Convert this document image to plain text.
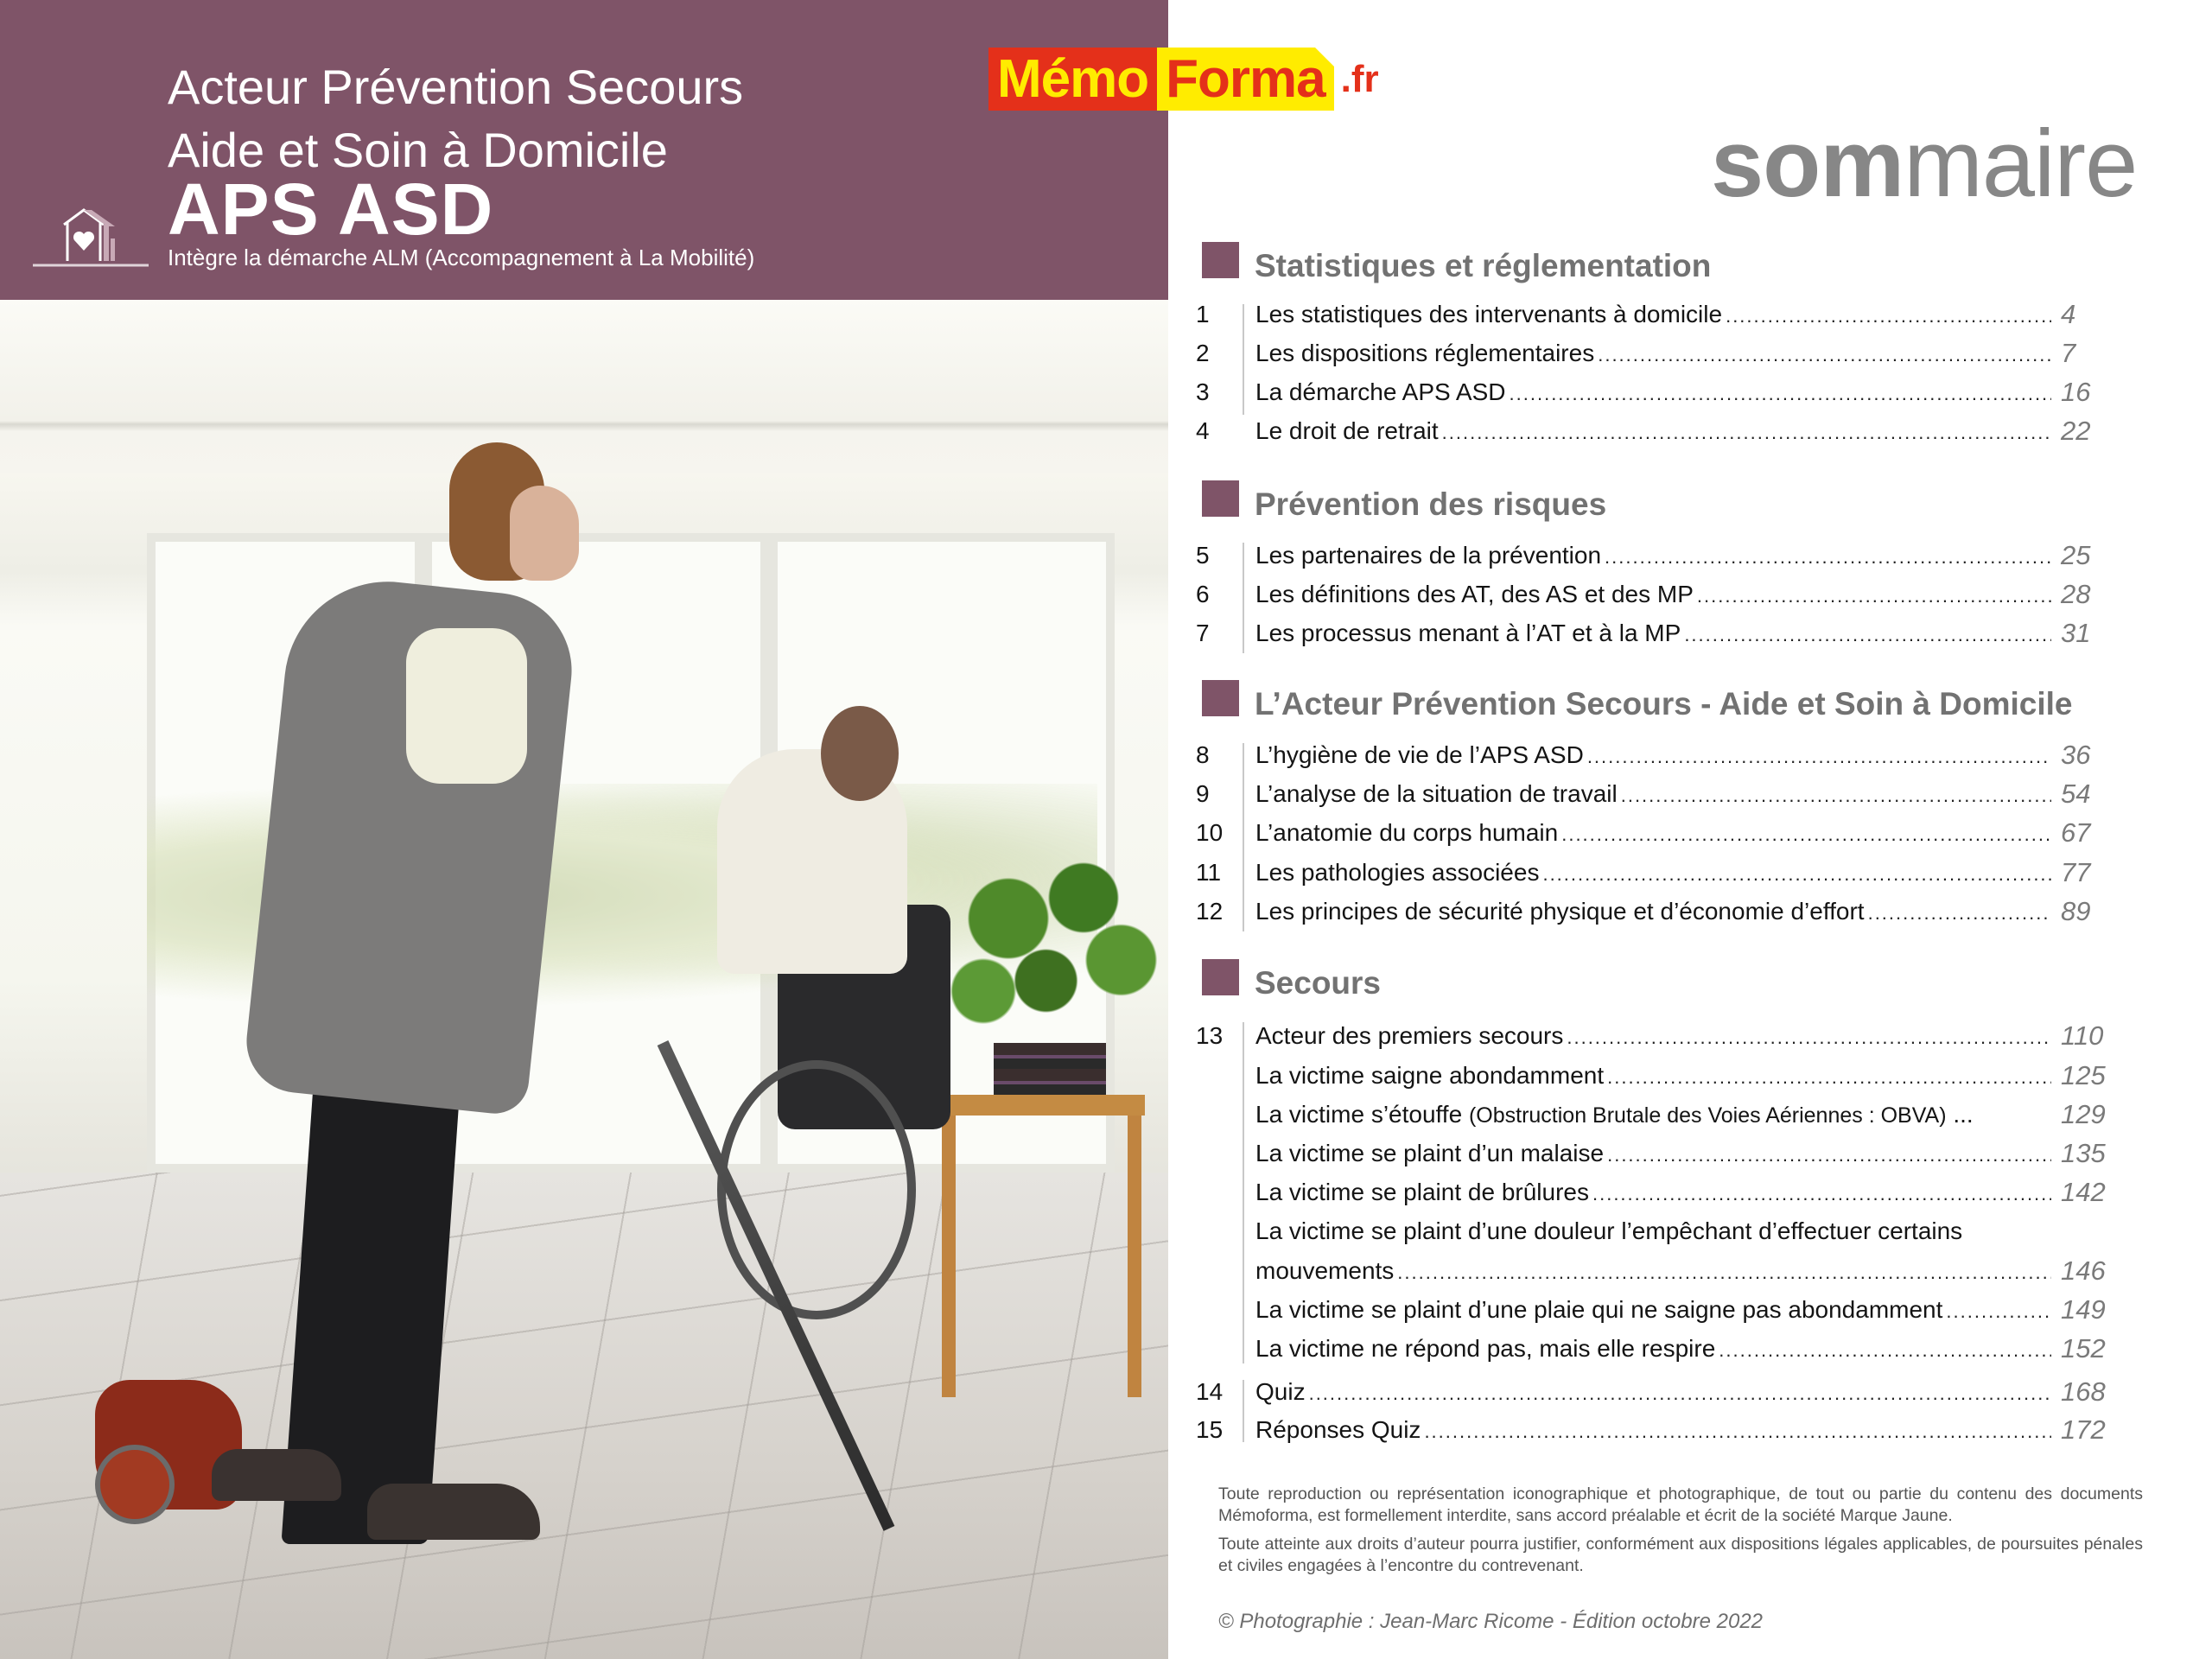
Acteur Prévention Secours
Aide et Soin à Domicile
APS ASD
Intègre la démarche ALM (Accompagnement à La Mobilité)
Mémo Forma .fr
sommaire
Statistiques et réglementation
1 Les statistiques des intervenants à domicile .....	4
2 Les dispositions réglementaires .....	7
3 La démarche APS ASD .....	16
4 Le droit de retrait .....	22
Prévention des risques
5 Les partenaires de la prévention .....	25
6 Les définitions des AT, des AS et des MP .....	28
7 Les processus menant à l’AT et à la MP .....	31
L’Acteur Prévention Secours - Aide et Soin à Domicile
8 L’hygiène de vie de l’APS ASD .....	36
9 L’analyse de la situation de travail .....	54
10 L’anatomie du corps humain .....	67
11 Les pathologies associées .....	77
12 Les principes de sécurité physique et d’économie d’effort .....	89
Secours
13 Acteur des premiers secours .....	110
La victime saigne abondamment .....	125
La victime s’étouffe (Obstruction Brutale des Voies Aériennes : OBVA) ...	129
La victime se plaint d’un malaise .....	135
La victime se plaint de brûlures .....	142
La victime se plaint d’une douleur l’empêchant d’effectuer certains
mouvements .....	146
La victime se plaint d’une plaie qui ne saigne pas abondamment .....	149
La victime ne répond pas, mais elle respire .....	152
14 Quiz .....	168
15 Réponses Quiz .....	172
Toute reproduction ou représentation iconographique et photographique, de tout ou partie du contenu des documents Mémoforma, est formellement interdite, sans accord préalable et écrit de la société Marque Jaune.
Toute atteinte aux droits d’auteur pourra justifier, conformément aux dispositions légales applicables, de poursuites pénales et civiles engagées à l’encontre du contrevenant.
© Photographie : Jean-Marc Ricome - Édition octobre 2022
